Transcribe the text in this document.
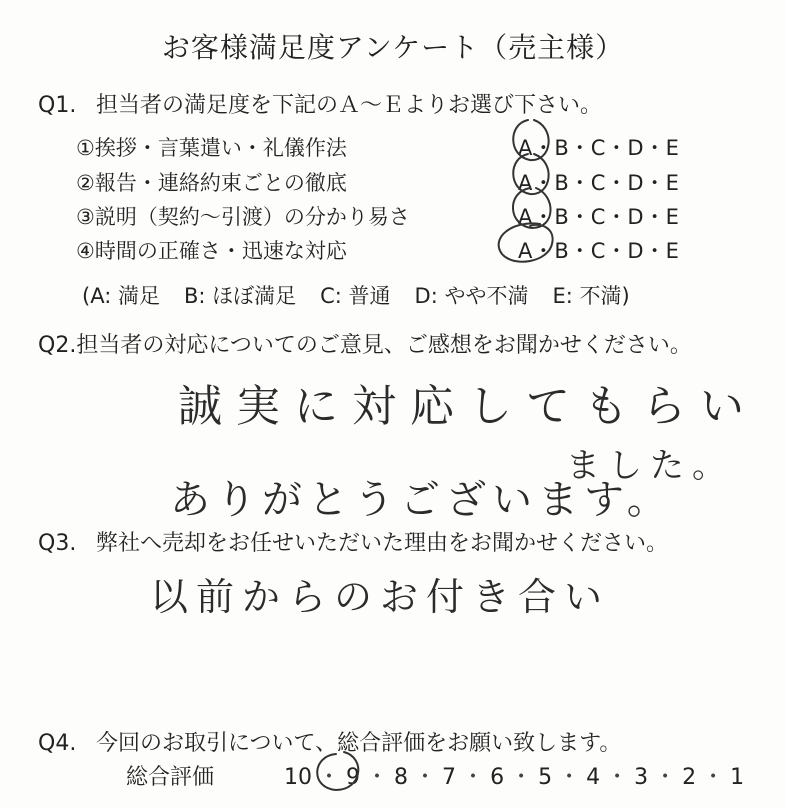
お客様満足度アンケート（売主様）
Q1. 担当者の満足度を下記のＡ～Ｅよりお選び下さい。
①挨拶・言葉遣い・礼儀作法	A・B・C・D・E
②報告・連絡約束ごとの徹底	A・B・C・D・E
③説明（契約～引渡）の分かり易さ	A・B・C・D・E
④時間の正確さ・迅速な対応	A・B・C・D・E
(A: 満足 B: ほぼ満足 C: 普通 D: やや不満 E: 不満)
Q2.担当者の対応についてのご意見、ご感想をお聞かせください。
誠実に対応してもらい
ました。
ありがとうございます。
Q3. 弊社へ売却をお任せいただいた理由をお聞かせください。
以前からのお付き合い
Q4. 今回のお取引について、総合評価をお願い致します。
総合評価	10 ・ 9 ・ 8 ・ 7 ・ 6 ・ 5 ・ 4 ・ 3 ・ 2 ・ 1
